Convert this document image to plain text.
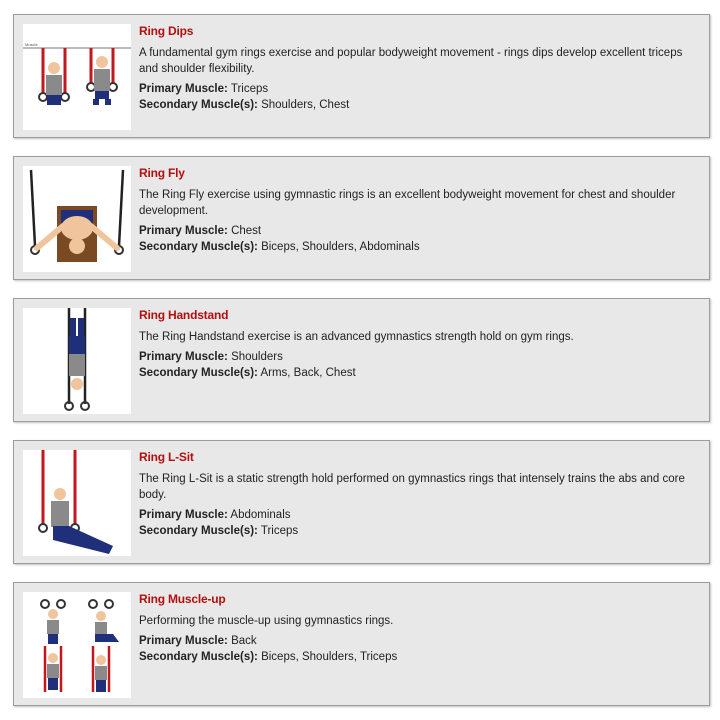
Muscle
Ring Dips
A fundamental gym rings exercise and popular bodyweight movement - rings dips develop excellent triceps and shoulder flexibility.
Primary Muscle: Triceps
Secondary Muscle(s): Shoulders, Chest
Ring Fly
The Ring Fly exercise using gymnastic rings is an excellent bodyweight movement for chest and shoulder development.
Primary Muscle: Chest
Secondary Muscle(s): Biceps, Shoulders, Abdominals
Ring Handstand
The Ring Handstand exercise is an advanced gymnastics strength hold on gym rings.
Primary Muscle: Shoulders
Secondary Muscle(s): Arms, Back, Chest
Ring L-Sit
The Ring L-Sit is a static strength hold performed on gymnastics rings that intensely trains the abs and core body.
Primary Muscle: Abdominals
Secondary Muscle(s): Triceps
Ring Muscle-up
Performing the muscle-up using gymnastics rings.
Primary Muscle: Back
Secondary Muscle(s): Biceps, Shoulders, Triceps
